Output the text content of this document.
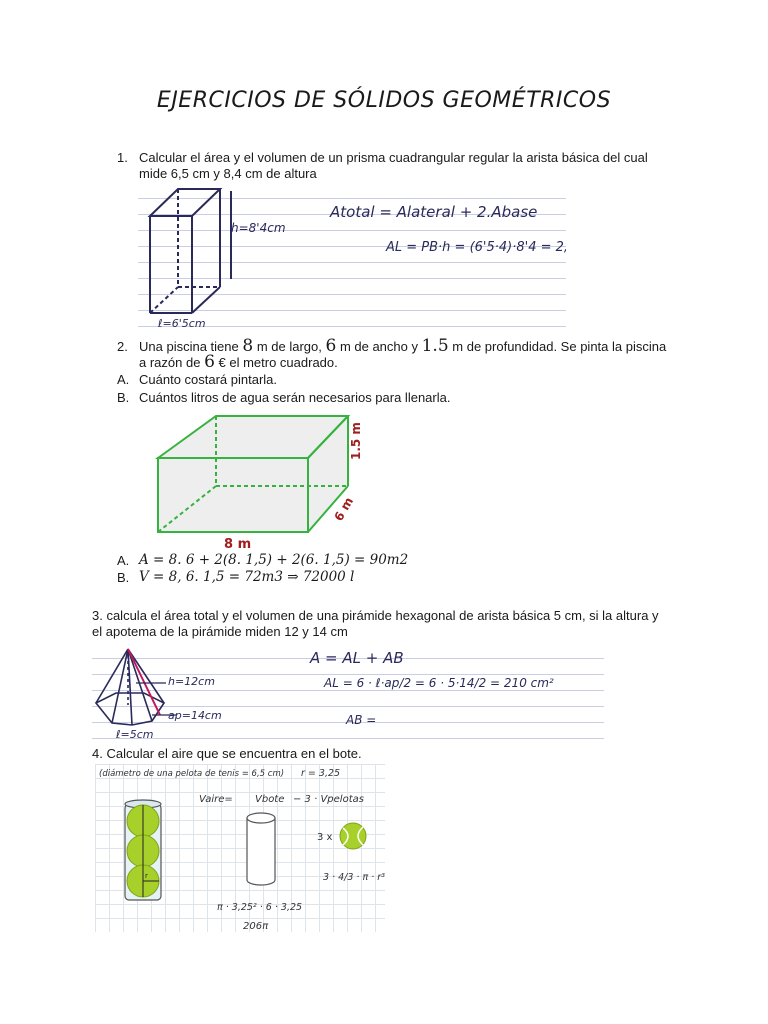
EJERCICIOS DE SÓLIDOS GEOMÉTRICOS
1. Calcular el área y el volumen de un prisma cuadrangular regular la arista básica del cual mide 6,5 cm y 8,4 cm de altura
h=8'4cm
ℓ=6'5cm
Atotal = Alateral + 2.Abase
AL = PB·h = (6'5·4)·8'4 = 2,
2. Una piscina tiene 8 m de largo, 6 m de ancho y 1.5 m de profundidad. Se pinta la piscina a razón de 6 € el metro cuadrado.
A. Cuánto costará pintarla.
B. Cuántos litros de agua serán necesarios para llenarla.
1.5 m
6 m
8 m
A. A = 8. 6 + 2(8. 1,5) + 2(6. 1,5) = 90m2
B. V = 8, 6. 1,5 = 72m3 ⇒ 72000 l
3. calcula el área total y el volumen de una pirámide hexagonal de arista básica 5 cm, si la altura y el apotema de la pirámide miden 12 y 14 cm
h=12cm
ap=14cm
ℓ=5cm
A = AL + AB
AL = 6 · ℓ·ap/2 = 6 · 5·14/2 = 210 cm²
AB =
4. Calcular el aire que se encuentra en el bote.
(diámetro de una pelota de tenis = 6,5 cm) r = 3,25
r
Vaire= Vbote − 3 · Vpelotas
3 x
3 · 4/3 · π · r³
π · 3,25² · 6 · 3,25
206π
